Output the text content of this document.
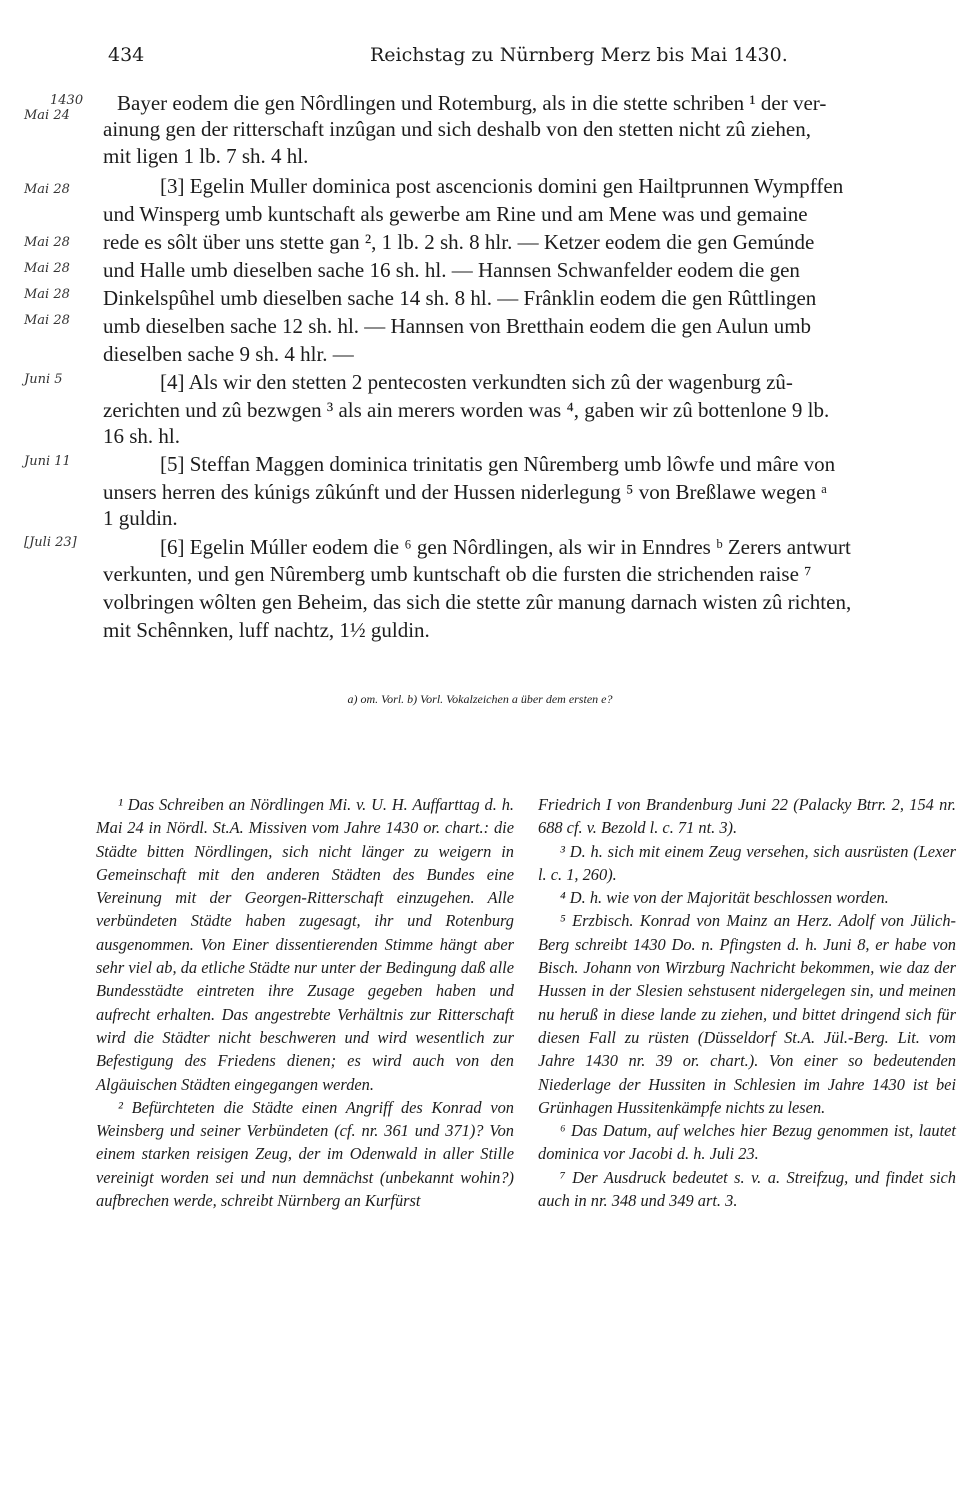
434	Reichstag zu Nürnberg Merz bis Mai 1430.
1430
Mai 24
Mai 28
Mai 28
Mai 28
Mai 28
Mai 28
Juni 5
Juni 11
[Juli 23]
Bayer eodem die gen Nôrdlingen und Rotemburg, als in die stette schriben ¹ der ver-
ainung gen der ritterschaft inzûgan und sich deshalb von den stetten nicht zû ziehen,
mit ligen 1 lb. 7 sh. 4 hl.
[3] Egelin Muller dominica post ascencionis domini gen Hailtprunnen Wympffen
und Winsperg umb kuntschaft als gewerbe am Rine und am Mene was und gemaine
rede es sôlt über uns stette gan ², 1 lb. 2 sh. 8 hlr. — Ketzer eodem die gen Gemúnde
und Halle umb dieselben sache 16 sh. hl. — Hannsen Schwanfelder eodem die gen
Dinkelspûhel umb dieselben sache 14 sh. 8 hl. — Frânklin eodem die gen Rûttlingen
umb dieselben sache 12 sh. hl. — Hannsen von Bretthain eodem die gen Aulun umb
dieselben sache 9 sh. 4 hlr. —
[4] Als wir den stetten 2 pentecosten verkundten sich zû der wagenburg zû-
zerichten und zû bezwgen ³ als ain merers worden was ⁴, gaben wir zû bottenlone 9 lb.
16 sh. hl.
[5] Steffan Maggen dominica trinitatis gen Nûremberg umb lôwfe und mâre von
unsers herren des kúnigs zûkúnft und der Hussen niderlegung ⁵ von Breßlawe wegen ᵃ
1 guldin.
[6] Egelin Múller eodem die ⁶ gen Nôrdlingen, als wir in Enndres ᵇ Zerers antwurt
verkunten, und gen Nûremberg umb kuntschaft ob die fursten die strichenden raise ⁷
volbringen wôlten gen Beheim, das sich die stette zûr manung darnach wisten zû richten,
mit Schênnken, luff nachtz, 1½ guldin.
a) om. Vorl. b) Vorl. Vokalzeichen a über dem ersten e?

¹ Das Schreiben an Nördlingen Mi. v. U. H. Auffarttag d. h. Mai 24 in Nördl. St.A. Missiven vom Jahre 1430 or. chart.: die Städte bitten Nördlingen, sich nicht länger zu weigern in Gemeinschaft mit den anderen Städten des Bundes eine Vereinung mit der Georgen-Ritterschaft einzugehen. Alle verbündeten Städte haben zugesagt, ihr und Rotenburg ausgenommen. Von Einer dissentierenden Stimme hängt aber sehr viel ab, da etliche Städte nur unter der Bedingung daß alle Bundesstädte eintreten ihre Zusage gegeben haben und aufrecht erhalten. Das angestrebte Verhältnis zur Ritterschaft wird die Städter nicht beschweren und wird wesentlich zur Befestigung des Friedens dienen; es wird auch von den Algäuischen Städten eingegangen werden.

² Befürchteten die Städte einen Angriff des Konrad von Weinsberg und seiner Verbündeten (cf. nr. 361 und 371)? Von einem starken reisigen Zeug, der im Odenwald in aller Stille vereinigt worden sei und nun demnächst (unbekannt wohin?) aufbrechen werde, schreibt Nürnberg an Kurfürst

Friedrich I von Brandenburg Juni 22 (Palacky Btrr. 2, 154 nr. 688 cf. v. Bezold l. c. 71 nt. 3).

³ D. h. sich mit einem Zeug versehen, sich ausrüsten (Lexer l. c. 1, 260).

⁴ D. h. wie von der Majorität beschlossen worden.

⁵ Erzbisch. Konrad von Mainz an Herz. Adolf von Jülich-Berg schreibt 1430 Do. n. Pfingsten d. h. Juni 8, er habe von Bisch. Johann von Wirzburg Nachricht bekommen, wie daz der Hussen in der Slesien sehstusent nidergelegen sin, und meinen nu heruß in diese lande zu ziehen, und bittet dringend sich für diesen Fall zu rüsten (Düsseldorf St.A. Jül.-Berg. Lit. vom Jahre 1430 nr. 39 or. chart.). Von einer so bedeutenden Niederlage der Hussiten in Schlesien im Jahre 1430 ist bei Grünhagen Hussitenkämpfe nichts zu lesen.

⁶ Das Datum, auf welches hier Bezug genommen ist, lautet dominica vor Jacobi d. h. Juli 23.

⁷ Der Ausdruck bedeutet s. v. a. Streifzug, und findet sich auch in nr. 348 und 349 art. 3.
